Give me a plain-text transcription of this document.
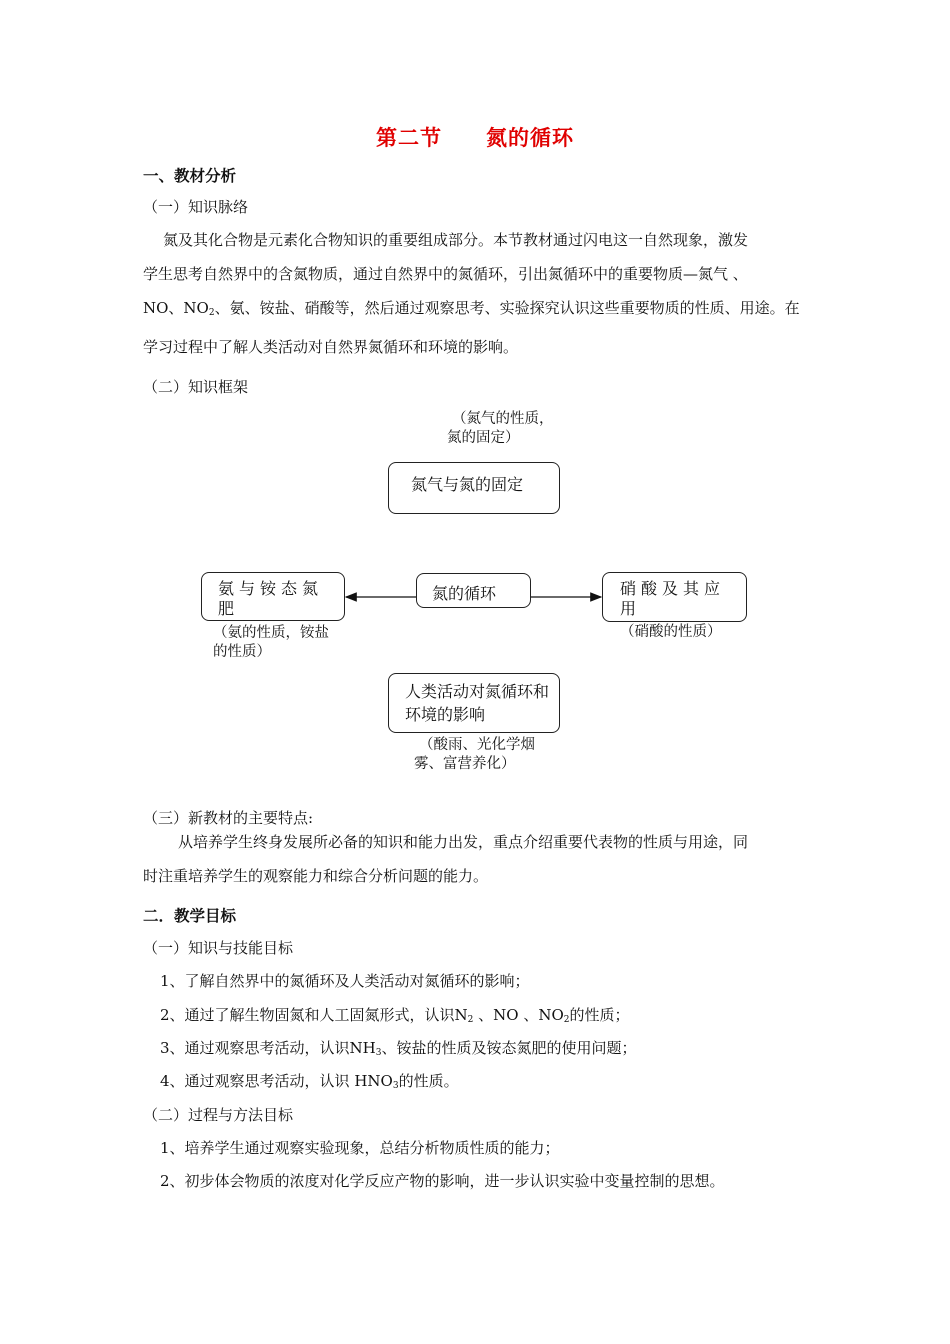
第二节 氮的循环
一、教材分析
（一）知识脉络
氮及其化合物是元素化合物知识的重要组成部分。本节教材通过闪电这一自然现象，激发
学生思考自然界中的含氮物质，通过自然界中的氮循环，引出氮循环中的重要物质—氮气 、
NO、$NO_2$、氨、铵盐、硝酸等，然后通过观察思考、实验探究认识这些重要物质的性质、用途。在
学习过程中了解人类活动对自然界氮循环和环境的影响。
（二）知识框架
（氮气的性质，氮的固定）
氮气与氮的固定
氮的循环
氨与铵态氮肥
（氨的性质，铵盐的性质）
硝酸及其应用
（硝酸的性质）
人类活动对氮循环和环境的影响
（酸雨、光化学烟雾、富营养化）
（三）新教材的主要特点:
从培养学生终身发展所必备的知识和能力出发，重点介绍重要代表物的性质与用途，同
时注重培养学生的观察能力和综合分析问题的能力。
二．教学目标
（一）知识与技能目标
1、了解自然界中的氮循环及人类活动对氮循环的影响；
2、通过了解生物固氮和人工固氮形式，认识$N_2$ 、NO 、$NO_2$的性质；
3、通过观察思考活动，认识$NH_3$、铵盐的性质及铵态氮肥的使用问题；
4、通过观察思考活动，认识 $HNO_3$的性质。
（二）过程与方法目标
1、培养学生通过观察实验现象，总结分析物质性质的能力；
2、初步体会物质的浓度对化学反应产物的影响，进一步认识实验中变量控制的思想。
